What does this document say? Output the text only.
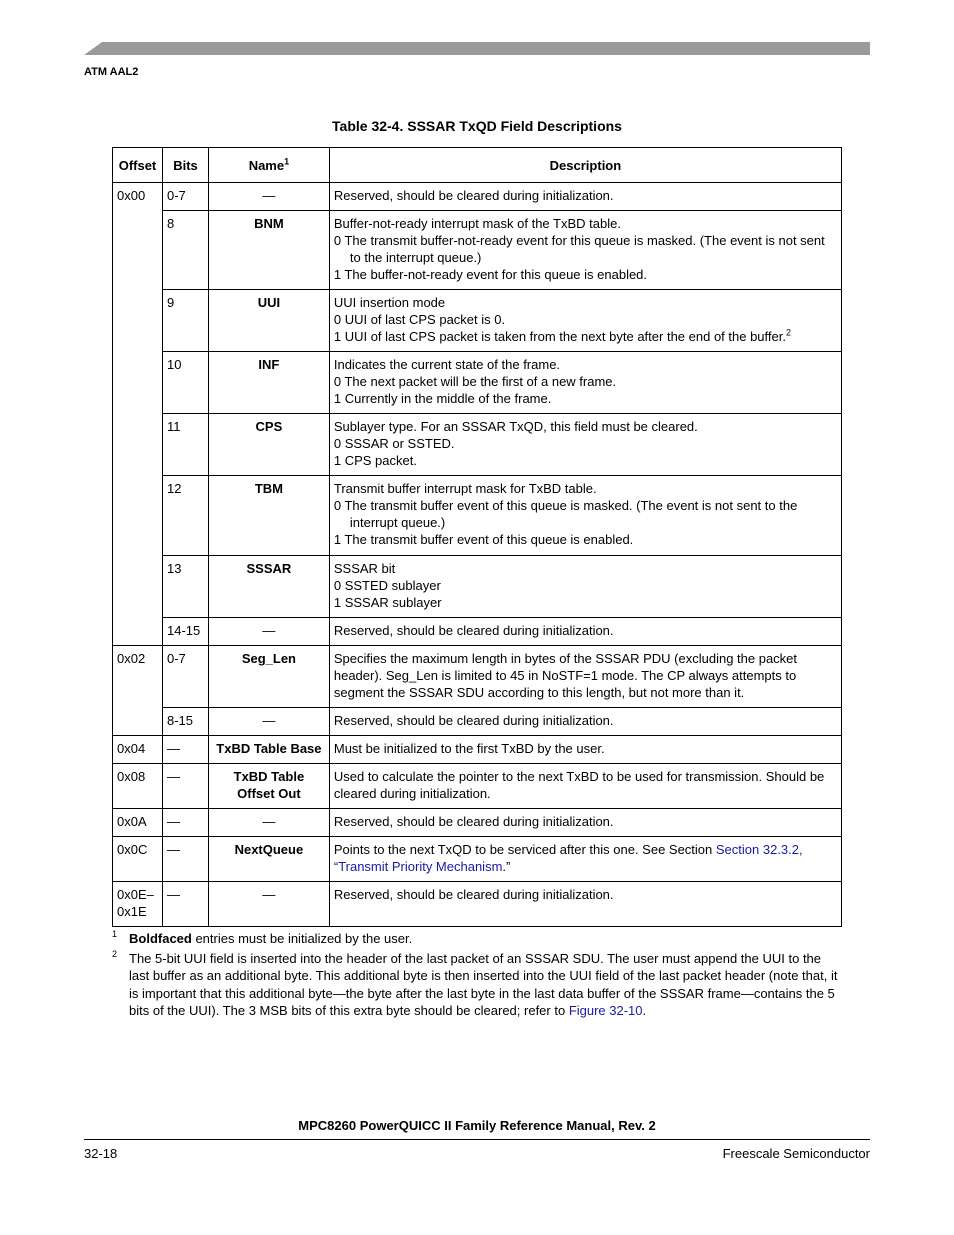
ATM AAL2
Table 32-4. SSSAR TxQD Field Descriptions
Offset	Bits	Name$^1$	Description
0x00	0-7	—	Reserved, should be cleared during initialization.
	8	BNM	Buffer-not-ready interrupt mask of the TxBD table.
0 The transmit buffer-not-ready event for this queue is masked. (The event is not sent to the interrupt queue.)
1 The buffer-not-ready event for this queue is enabled.

	9	UUI	UUI insertion mode
0 UUI of last CPS packet is 0.
1 UUI of last CPS packet is taken from the next byte after the end of the buffer.$^2$

	10	INF	Indicates the current state of the frame.
0 The next packet will be the first of a new frame.
1 Currently in the middle of the frame.

	11	CPS	Sublayer type. For an SSSAR TxQD, this field must be cleared.
0 SSSAR or SSTED.
1 CPS packet.

	12	TBM	Transmit buffer interrupt mask for TxBD table.
0 The transmit buffer event of this queue is masked. (The event is not sent to the interrupt queue.)
1 The transmit buffer event of this queue is enabled.

	13	SSSAR	SSSAR bit
0 SSTED sublayer
1 SSSAR sublayer

	14-15	—	Reserved, should be cleared during initialization.
0x02	0-7	Seg_Len	Specifies the maximum length in bytes of the SSSAR PDU (excluding the packet header). Seg_Len is limited to 45 in NoSTF=1 mode. The CP always attempts to segment the SSSAR SDU according to this length, but not more than it.
	8-15	—	Reserved, should be cleared during initialization.
0x04	—	TxBD Table Base	Must be initialized to the first TxBD by the user.
0x08	—	TxBD Table Offset Out	Used to calculate the pointer to the next TxBD to be used for transmission. Should be cleared during initialization.
0x0A	—	—	Reserved, should be cleared during initialization.
0x0C	—	NextQueue	Points to the next TxQD to be serviced after this one. See Section Section 32.3.2, “Transmit Priority Mechanism.”
0x0E–0x1E	—	—	Reserved, should be cleared during initialization.
1 Boldfaced entries must be initialized by the user.
2 The 5-bit UUI field is inserted into the header of the last packet of an SSSAR SDU. The user must append the UUI to the last buffer as an additional byte. This additional byte is then inserted into the UUI field of the last packet header (note that, it is important that this additional byte—the byte after the last byte in the last data buffer of the SSSAR frame—contains the 5 bits of the UUI). The 3 MSB bits of this extra byte should be cleared; refer to Figure 32-10.
MPC8260 PowerQUICC II Family Reference Manual, Rev. 2
32-18	Freescale Semiconductor
